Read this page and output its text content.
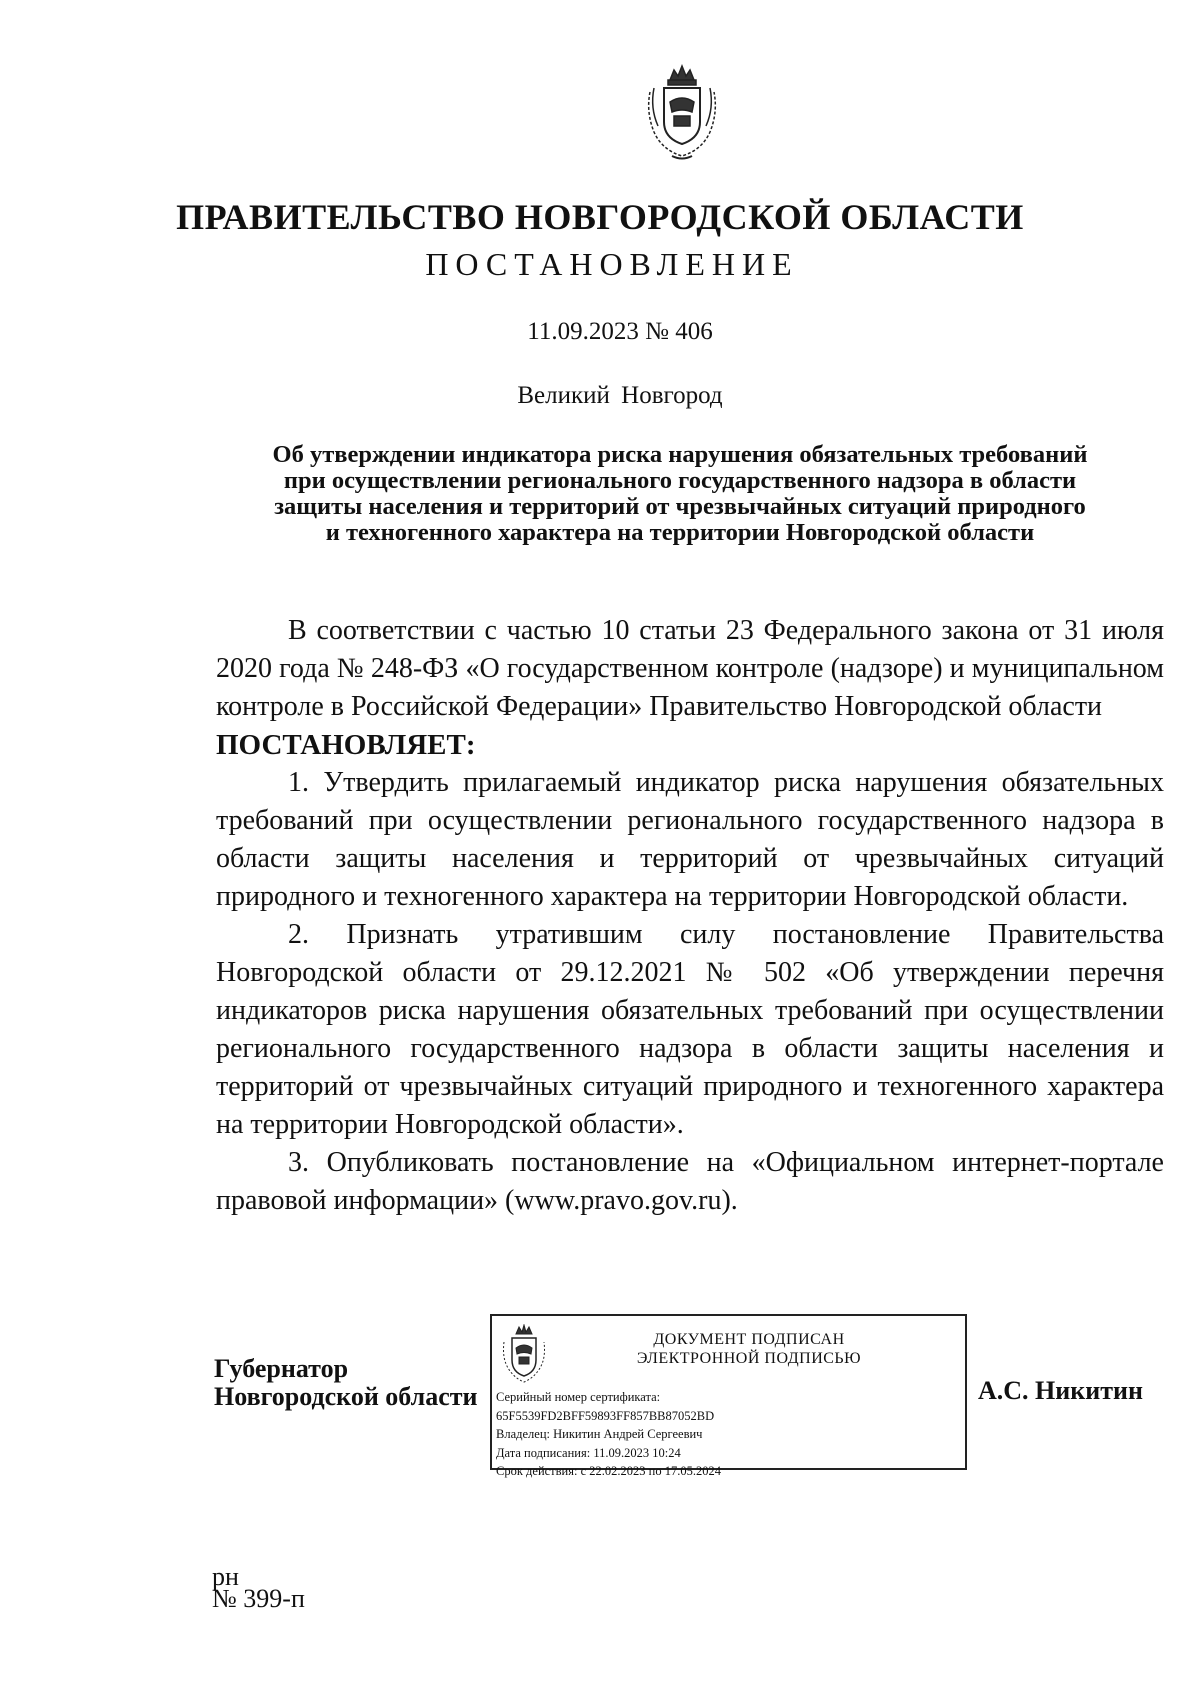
ПРАВИТЕЛЬСТВО НОВГОРОДСКОЙ ОБЛАСТИ
ПОСТАНОВЛЕНИЕ
11.09.2023 № 406
Великий Новгород
Об утверждении индикатора риска нарушения обязательных требований
при осуществлении регионального государственного надзора в области
защиты населения и территорий от чрезвычайных ситуаций природного
и техногенного характера на территории Новгородской области

В соответствии с частью 10 статьи 23 Федерального закона от 31 июля 2020 года № 248-ФЗ «О государственном контроле (надзоре) и муниципальном контроле в Российской Федерации» Правительство Новгородской области

ПОСТАНОВЛЯЕТ:

1. Утвердить прилагаемый индикатор риска нарушения обязательных требований при осуществлении регионального государственного надзора в области защиты населения и территорий от чрезвычайных ситуаций природного и техногенного характера на территории Новгородской области.

2. Признать утратившим силу постановление Правительства Новгородской области от 29.12.2021 № 502 «Об утверждении перечня индикаторов риска нарушения обязательных требований при осуществлении регионального государственного надзора в области защиты населения и территорий от чрезвычайных ситуаций природного и техногенного характера на территории Новгородской области».

3. Опубликовать постановление на «Официальном интернет-портале правовой информации» (www.pravo.gov.ru).

Губернатор
Новгородской области
ДОКУМЕНТ ПОДПИСАН
ЭЛЕКТРОННОЙ ПОДПИСЬЮ
Серийный номер сертификата:
65F5539FD2BFF59893FF857BB87052BD
Владелец: Никитин Андрей Сергеевич
Дата подписания: 11.09.2023 10:24
Срок действия: с 22.02.2023 по 17.05.2024
А.С. Никитин
рн
№ 399-п
